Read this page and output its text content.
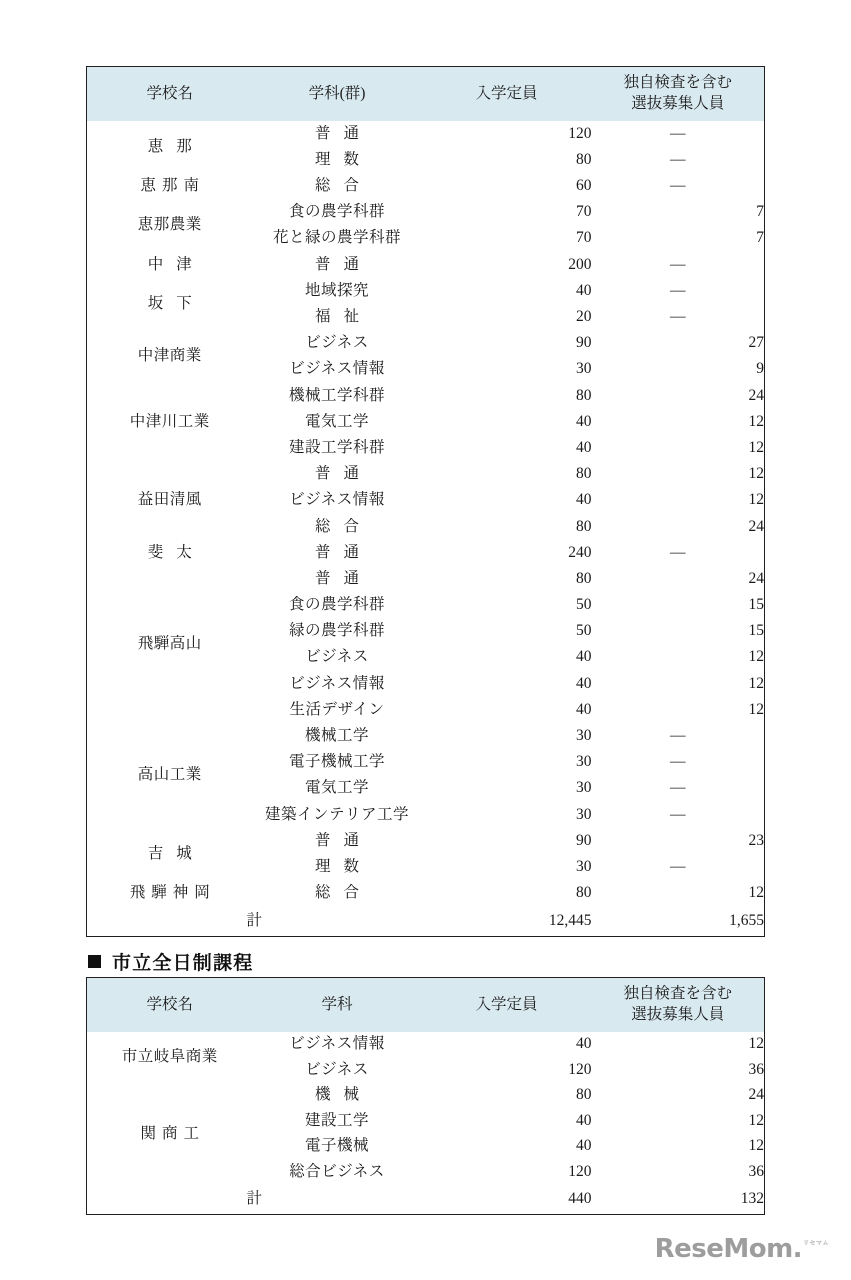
学校名	学科(群)	入学定員	独自検査を含む
選抜募集人員

恵那	普通	120	—
	理数	80	—
恵那南	総合	60	—
恵那農業	食の農学科群	70	7
	花と緑の農学科群	70	7
中津	普通	200	—
坂下	地域探究	40	—
	福祉	20	—
中津商業	ビジネス	90	27
	ビジネス情報	30	9
中津川工業	機械工学科群	80	24
	電気工学	40	12
	建設工学科群	40	12
益田清風	普通	80	12
	ビジネス情報	40	12
	総合	80	24
斐太	普通	240	—
飛騨高山	普通	80	24
	食の農学科群	50	15
	緑の農学科群	50	15
	ビジネス	40	12
	ビジネス情報	40	12
	生活デザイン	40	12
高山工業	機械工学	30	—
	電子機械工学	30	—
	電気工学	30	—
	建築インテリア工学	30	—
吉城	普通	90	23
	理数	30	—
飛騨神岡	総合	80	12
計		12,445	1,655
市立全日制課程
学校名	学科	入学定員	独自検査を含む
選抜募集人員

市立岐阜商業	ビジネス情報	40	12
	ビジネス	120	36
関商工	機械	80	24
	建設工学	40	12
	電子機械	40	12
	総合ビジネス	120	36
計		440	132
ReseMom. リセマム
